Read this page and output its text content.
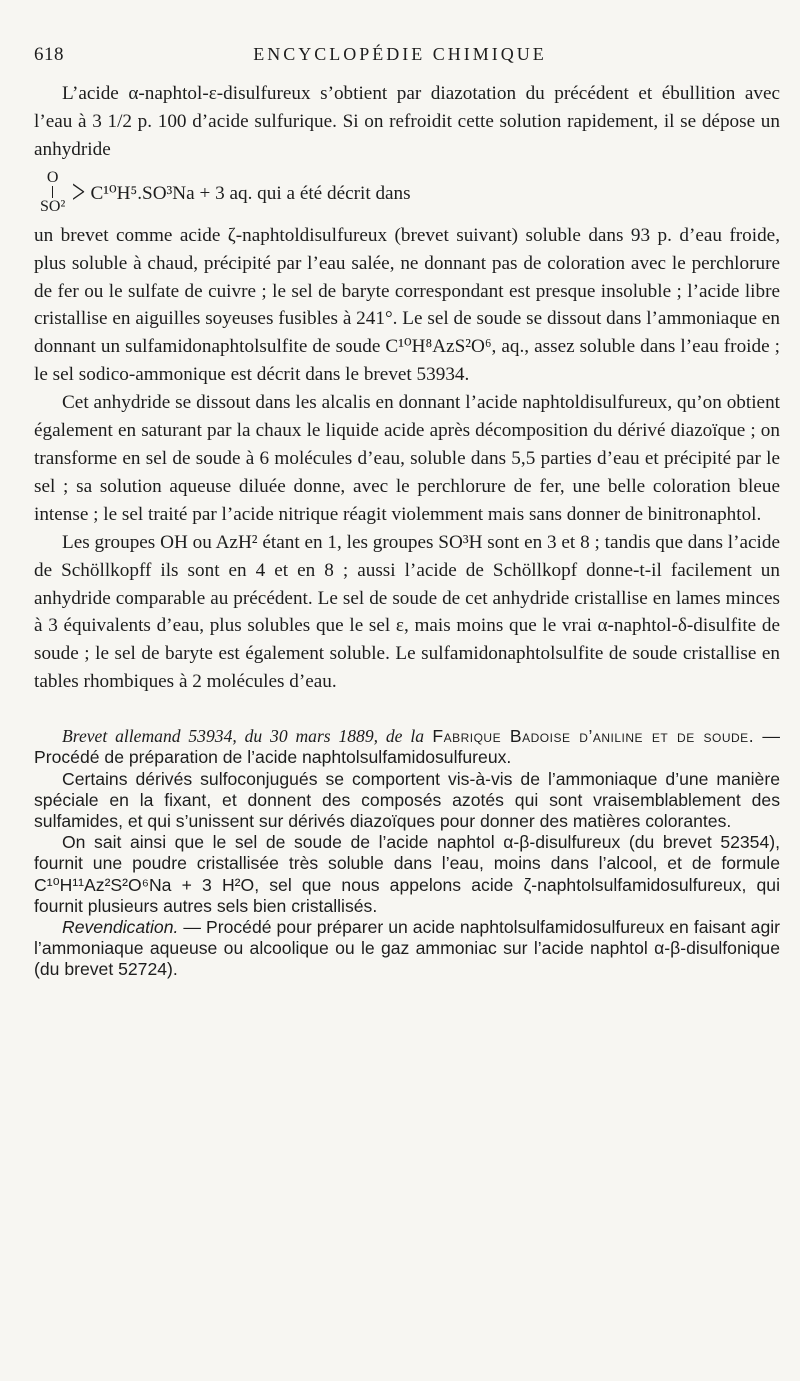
618	ENCYCLOPÉDIE CHIMIQUE

L’acide α-naphtol-ε-disulfureux s’obtient par diazotation du précédent et ébullition avec l’eau à 3 1/2 p. 100 d’acide sulfurique. Si on refroidit cette solution rapidement, il se dépose un anhydride

O
SO² > C¹⁰H⁵.SO³Na + 3 aq. qui a été décrit dans

un brevet comme acide ζ-naphtoldisulfureux (brevet suivant) soluble dans 93 p. d’eau froide, plus soluble à chaud, précipité par l’eau salée, ne donnant pas de coloration avec le perchlorure de fer ou le sulfate de cuivre ; le sel de baryte correspondant est presque insoluble ; l’acide libre cristallise en aiguilles soyeuses fusibles à 241°. Le sel de soude se dissout dans l’ammoniaque en donnant un sulfamidonaphtolsulfite de soude C¹⁰H⁸AzS²O⁶, aq., assez soluble dans l’eau froide ; le sel sodico-ammonique est décrit dans le brevet 53934.

Cet anhydride se dissout dans les alcalis en donnant l’acide naphtoldisulfureux, qu’on obtient également en saturant par la chaux le liquide acide après décomposition du dérivé diazoïque ; on transforme en sel de soude à 6 molécules d’eau, soluble dans 5,5 parties d’eau et précipité par le sel ; sa solution aqueuse diluée donne, avec le perchlorure de fer, une belle coloration bleue intense ; le sel traité par l’acide nitrique réagit violemment mais sans donner de binitronaphtol.

Les groupes OH ou AzH² étant en 1, les groupes SO³H sont en 3 et 8 ; tandis que dans l’acide de Schöllkopff ils sont en 4 et en 8 ; aussi l’acide de Schöllkopf donne-t-il facilement un anhydride comparable au précédent. Le sel de soude de cet anhydride cristallise en lames minces à 3 équivalents d’eau, plus solubles que le sel ε, mais moins que le vrai α-naphtol-δ-disulfite de soude ; le sel de baryte est également soluble. Le sulfamidonaphtolsulfite de soude cristallise en tables rhombiques à 2 molécules d’eau.

Brevet allemand 53934, du 30 mars 1889, de la Fabrique Badoise d’aniline et de soude. — Procédé de préparation de l’acide naphtolsulfamidosulfureux.

Certains dérivés sulfoconjugués se comportent vis-à-vis de l’ammoniaque d’une manière spéciale en la fixant, et donnent des composés azotés qui sont vraisemblablement des sulfamides, et qui s’unissent sur dérivés diazoïques pour donner des matières colorantes.

On sait ainsi que le sel de soude de l’acide naphtol α-β-disulfureux (du brevet 52354), fournit une poudre cristallisée très soluble dans l’eau, moins dans l’alcool, et de formule C¹⁰H¹¹Az²S²O⁶Na + 3 H²O, sel que nous appelons acide ζ-naphtolsulfamidosulfureux, qui fournit plusieurs autres sels bien cristallisés.

Revendication. — Procédé pour préparer un acide naphtolsulfamidosulfureux en faisant agir l’ammoniaque aqueuse ou alcoolique ou le gaz ammoniac sur l’acide naphtol α-β-disulfonique (du brevet 52724).
